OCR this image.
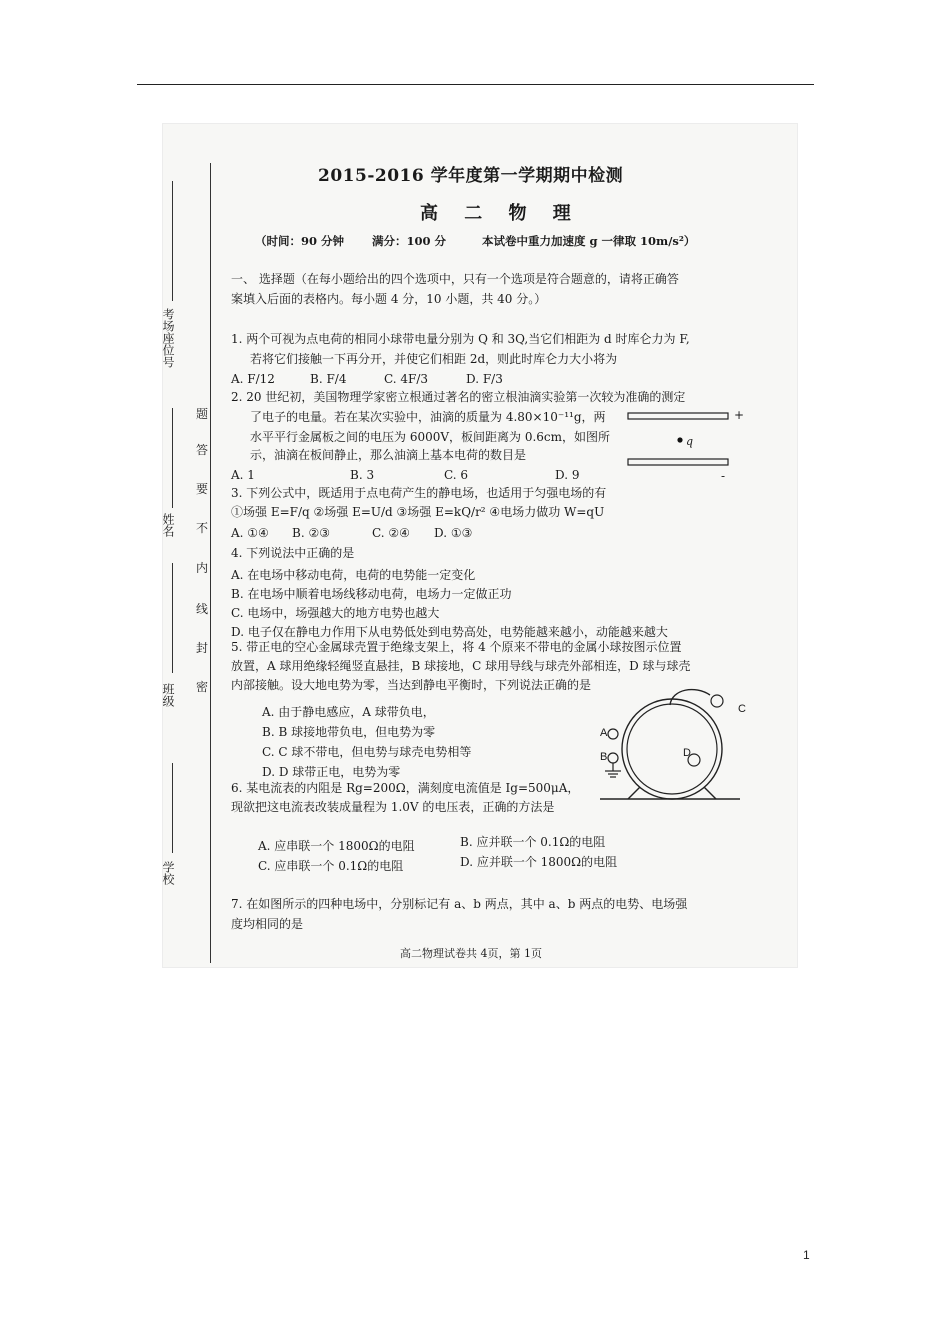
考场座位号
姓名
班级
学校
题
答
要
不
内
线
封
密
2015-2016 学年度第一学期期中检测
高 二 物 理
（时间：90 分钟 满分：100 分	本试卷中重力加速度 g 一律取 10m/s²）
一、 选择题（在每小题给出的四个选项中，只有一个选项是符合题意的，请将正确答
案填入后面的表格内。每小题 4 分，10 小题，共 40 分。）
1. 两个可视为点电荷的相同小球带电量分别为 Q 和 3Q,当它们相距为 d 时库仑力为 F,
若将它们接触一下再分开，并使它们相距 2d，则此时库仑力大小将为
A. F/12	B. F/4	C. 4F/3	D. F/3
2. 20 世纪初，美国物理学家密立根通过著名的密立根油滴实验第一次较为准确的测定
了电子的电量。若在某次实验中，油滴的质量为 4.80×10⁻¹¹g，两
水平平行金属板之间的电压为 6000V，板间距离为 0.6cm，如图所
示，油滴在板间静止，那么油滴上基本电荷的数目是
A. 1	B. 3	C. 6	D. 9
+
-
q
3. 下列公式中，既适用于点电荷产生的静电场，也适用于匀强电场的有
①场强 E=F/q ②场强 E=U/d ③场强 E=kQ/r² ④电场力做功 W=qU
A. ①④ B. ②③	C. ②④ D. ①③
4. 下列说法中正确的是
A. 在电场中移动电荷，电荷的电势能一定变化
B. 在电场中顺着电场线移动电荷，电场力一定做正功
C. 电场中，场强越大的地方电势也越大
D. 电子仅在静电力作用下从电势低处到电势高处，电势能越来越小，动能越来越大
5. 带正电的空心金属球壳置于绝缘支架上，将 4 个原来不带电的金属小球按图示位置
放置，A 球用绝缘轻绳竖直悬挂，B 球接地，C 球用导线与球壳外部相连，D 球与球壳
内部接触。设大地电势为零，当达到静电平衡时，下列说法正确的是
A. 由于静电感应，A 球带负电，
B. B 球接地带负电，但电势为零
C. C 球不带电，但电势与球壳电势相等
D. D 球带正电，电势为零
C
A
B	D
6. 某电流表的内阻是 Rg=200Ω，满刻度电流值是 Ig=500μA，
现欲把这电流表改装成量程为 1.0V 的电压表，正确的方法是
A. 应串联一个 1800Ω的电阻	B. 应并联一个 0.1Ω的电阻
C. 应串联一个 0.1Ω的电阻	D. 应并联一个 1800Ω的电阻
7. 在如图所示的四种电场中，分别标记有 a、b 两点，其中 a、b 两点的电势、电场强
度均相同的是
高二物理试卷共 4页，第 1页
1
